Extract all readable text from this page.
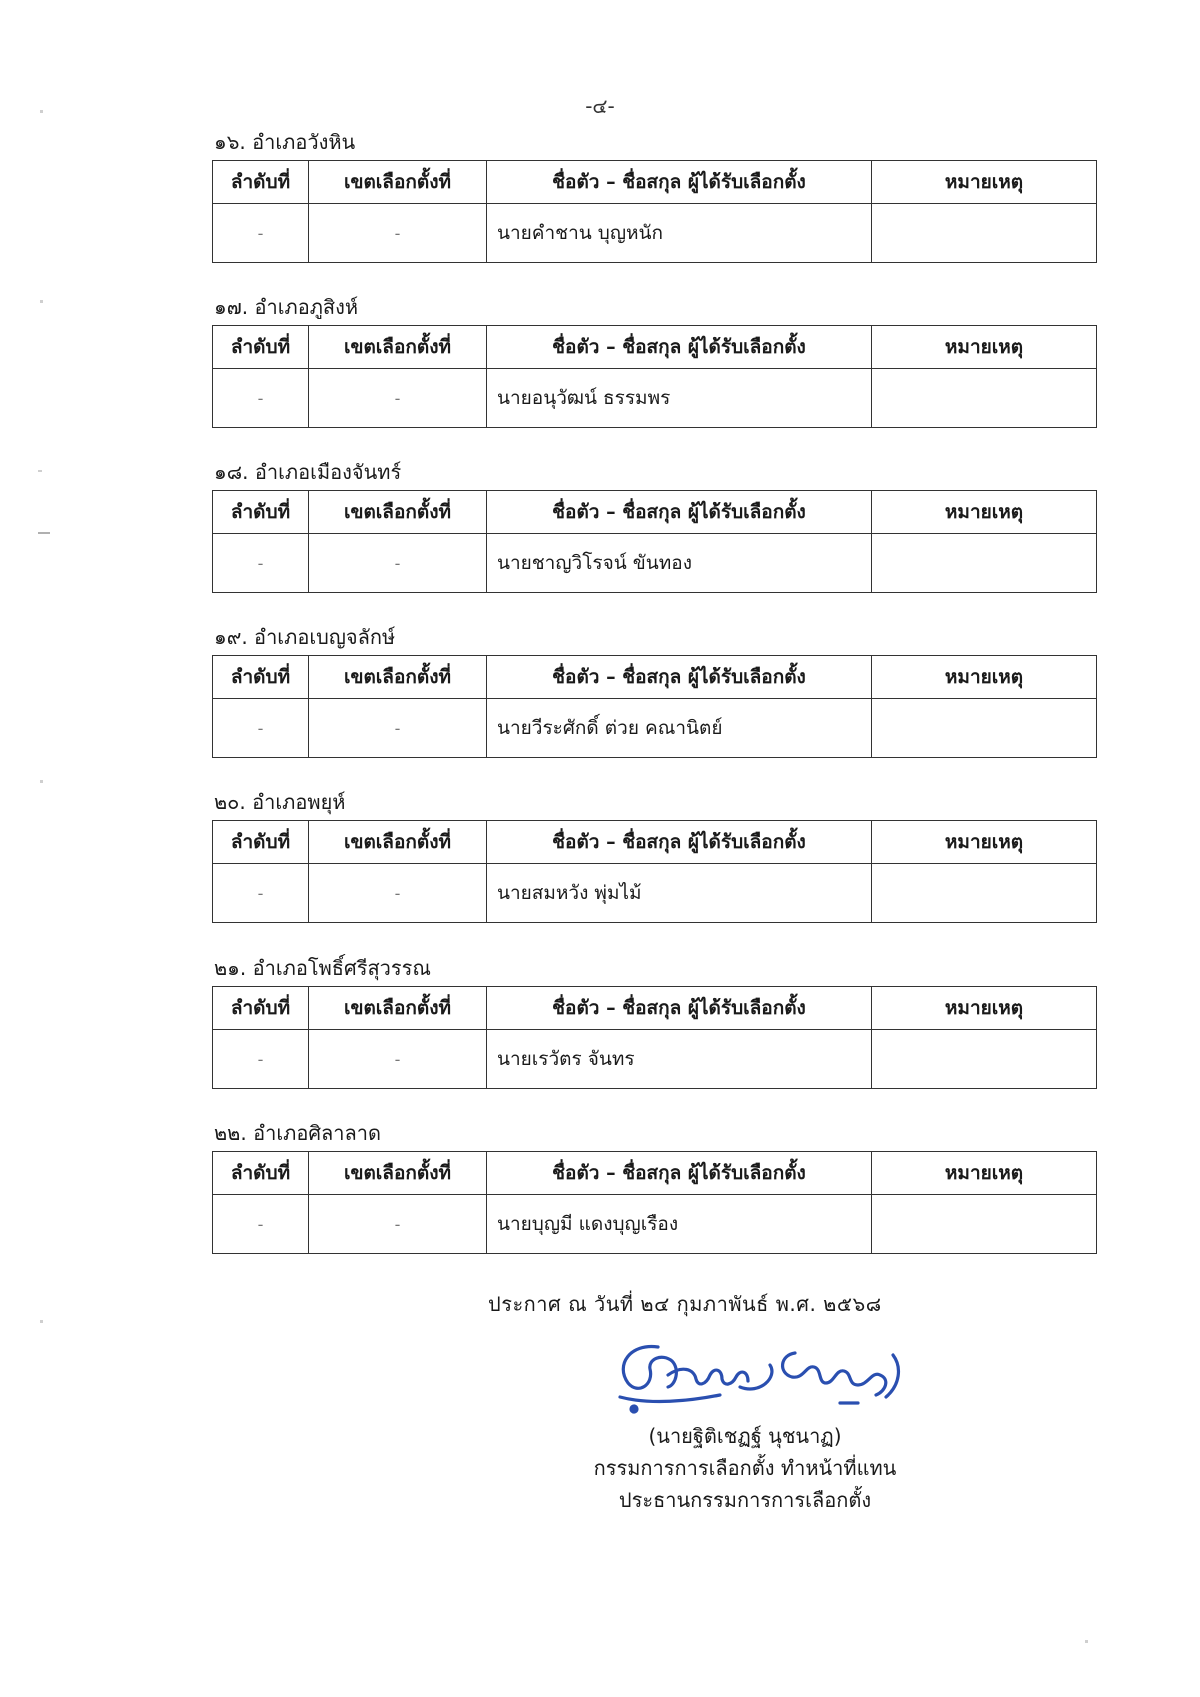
-๔-
๑๖. อำเภอวังหิน
ลำดับที่	เขตเลือกตั้งที่	ชื่อตัว – ชื่อสกุล ผู้ได้รับเลือกตั้ง	หมายเหตุ
-	-	นายคำชาน บุญหนัก	
๑๗. อำเภอภูสิงห์
ลำดับที่	เขตเลือกตั้งที่	ชื่อตัว – ชื่อสกุล ผู้ได้รับเลือกตั้ง	หมายเหตุ
-	-	นายอนุวัฒน์ ธรรมพร	
๑๘. อำเภอเมืองจันทร์
ลำดับที่	เขตเลือกตั้งที่	ชื่อตัว – ชื่อสกุล ผู้ได้รับเลือกตั้ง	หมายเหตุ
-	-	นายชาญวิโรจน์ ขันทอง	
๑๙. อำเภอเบญจลักษ์
ลำดับที่	เขตเลือกตั้งที่	ชื่อตัว – ชื่อสกุล ผู้ได้รับเลือกตั้ง	หมายเหตุ
-	-	นายวีระศักดิ์ ต่วย คณานิตย์	
๒๐. อำเภอพยุห์
ลำดับที่	เขตเลือกตั้งที่	ชื่อตัว – ชื่อสกุล ผู้ได้รับเลือกตั้ง	หมายเหตุ
-	-	นายสมหวัง พุ่มไม้	
๒๑. อำเภอโพธิ์ศรีสุวรรณ
ลำดับที่	เขตเลือกตั้งที่	ชื่อตัว – ชื่อสกุล ผู้ได้รับเลือกตั้ง	หมายเหตุ
-	-	นายเรวัตร จันทร	
๒๒. อำเภอศิลาลาด
ลำดับที่	เขตเลือกตั้งที่	ชื่อตัว – ชื่อสกุล ผู้ได้รับเลือกตั้ง	หมายเหตุ
-	-	นายบุญมี แดงบุญเรือง	
ประกาศ ณ วันที่ ๒๔ กุมภาพันธ์ พ.ศ. ๒๕๖๘
(นายฐิติเชฏฐ์ นุชนาฏ)
กรรมการการเลือกตั้ง ทำหน้าที่แทน
ประธานกรรมการการเลือกตั้ง
